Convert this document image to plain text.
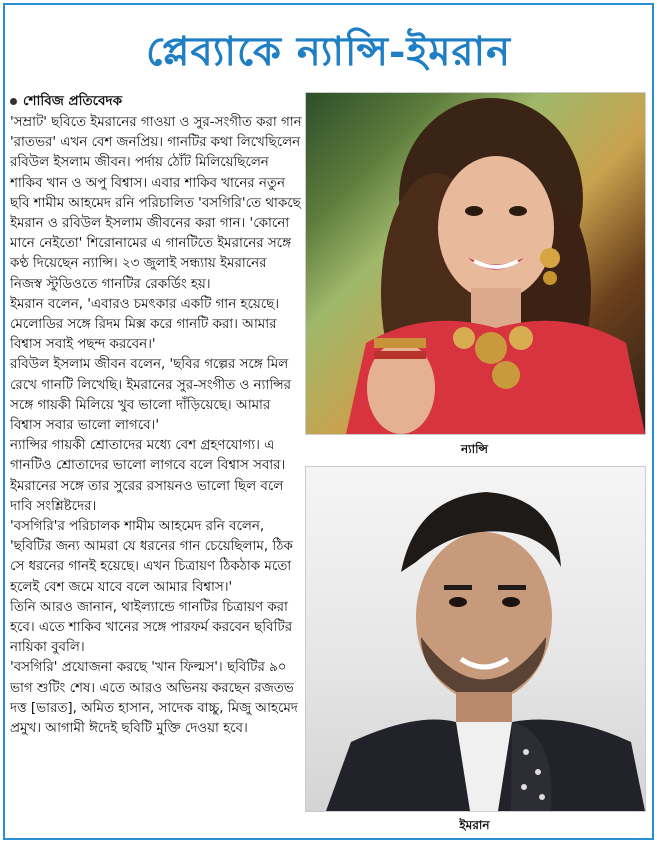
প্লেব্যাকে ন্যান্সি-ইমরান
শোবিজ প্রতিবেদক

'সম্রাট' ছবিতে ইমরানের গাওয়া ও সুর-সংগীত করা গান 'রাতভর' এখন বেশ জনপ্রিয়। গানটির কথা লিখেছিলেন রবিউল ইসলাম জীবন। পর্দায় ঠোঁট মিলিয়েছিলেন শাকিব খান ও অপু বিশ্বাস। এবার শাকিব খানের নতুন ছবি শামীম আহমেদ রনি পরিচালিত 'বসগিরি'তে থাকছে ইমরান ও রবিউল ইসলাম জীবনের করা গান। 'কোনো মানে নেইতো' শিরোনামের এ গানটিতে ইমরানের সঙ্গে কণ্ঠ দিয়েছেন ন্যান্সি। ২৩ জুলাই সন্ধ্যায় ইমরানের নিজস্ব স্টুডিওতে গানটির রেকর্ডিং হয়।

ইমরান বলেন, 'এবারও চমৎকার একটি গান হয়েছে। মেলোডির সঙ্গে রিদম মিক্স করে গানটি করা। আমার বিশ্বাস সবাই পছন্দ করবেন।'

রবিউল ইসলাম জীবন বলেন, 'ছবির গল্পের সঙ্গে মিল রেখে গানটি লিখেছি। ইমরানের সুর-সংগীত ও ন্যান্সির সঙ্গে গায়কী মিলিয়ে খুব ভালো দাঁড়িয়েছে। আমার বিশ্বাস সবার ভালো লাগবে।'

ন্যান্সির গায়কী শ্রোতাদের মধ্যে বেশ গ্রহণযোগ্য। এ গানটিও শ্রোতাদের ভালো লাগবে বলে বিশ্বাস সবার। ইমরানের সঙ্গে তার সুরের রসায়নও ভালো ছিল বলে দাবি সংশ্লিষ্টদের।

'বসগিরি'র পরিচালক শামীম আহমেদ রনি বলেন, 'ছবিটির জন্য আমরা যে ধরনের গান চেয়েছিলাম, ঠিক সে ধরনের গানই হয়েছে। এখন চিত্রায়ণ ঠিকঠাক মতো হলেই বেশ জমে যাবে বলে আমার বিশ্বাস।'

তিনি আরও জানান, থাইল্যান্ডে গানটির চিত্রায়ণ করা হবে। এতে শাকিব খানের সঙ্গে পারফর্ম করবেন ছবিটির নায়িকা বুবলি।

'বসগিরি' প্রযোজনা করছে 'খান ফিল্মস'। ছবিটির ৯০ ভাগ শুটিং শেষ। এতে আরও অভিনয় করছেন রজতভ দত্ত [ভারত], অমিত হাসান, সাদেক বাচ্চু, মিজু আহমেদ প্রমুখ। আগামী ঈদেই ছবিটি মুক্তি দেওয়া হবে।

ন্যান্সি
ইমরান
